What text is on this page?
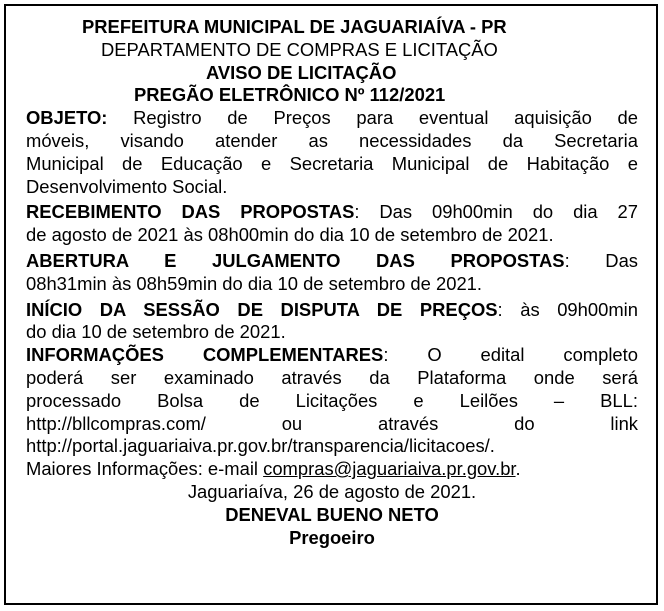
PREFEITURA MUNICIPAL DE JAGUARIAÍVA - PR
DEPARTAMENTO DE COMPRAS E LICITAÇÃO
AVISO DE LICITAÇÃO
PREGÃO ELETRÔNICO Nº 112/2021
OBJETO: Registro de Preços para eventual aquisição de
móveis, visando atender as necessidades da Secretaria
Municipal de Educação e Secretaria Municipal de Habitação e
Desenvolvimento Social.
RECEBIMENTO DAS PROPOSTAS: Das 09h00min do dia 27
de agosto de 2021 às 08h00min do dia 10 de setembro de 2021.
ABERTURA E JULGAMENTO DAS PROPOSTAS: Das
08h31min às 08h59min do dia 10 de setembro de 2021.
INÍCIO DA SESSÃO DE DISPUTA DE PREÇOS: às 09h00min
do dia 10 de setembro de 2021.
INFORMAÇÕES COMPLEMENTARES: O edital completo
poderá ser examinado através da Plataforma onde será
processado Bolsa de Licitações e Leilões – BLL:
http://bllcompras.com/ ou através do link
http://portal.jaguariaiva.pr.gov.br/transparencia/licitacoes/.
Maiores Informações: e-mail compras@jaguariaiva.pr.gov.br.
Jaguariaíva, 26 de agosto de 2021.
DENEVAL BUENO NETO
Pregoeiro
